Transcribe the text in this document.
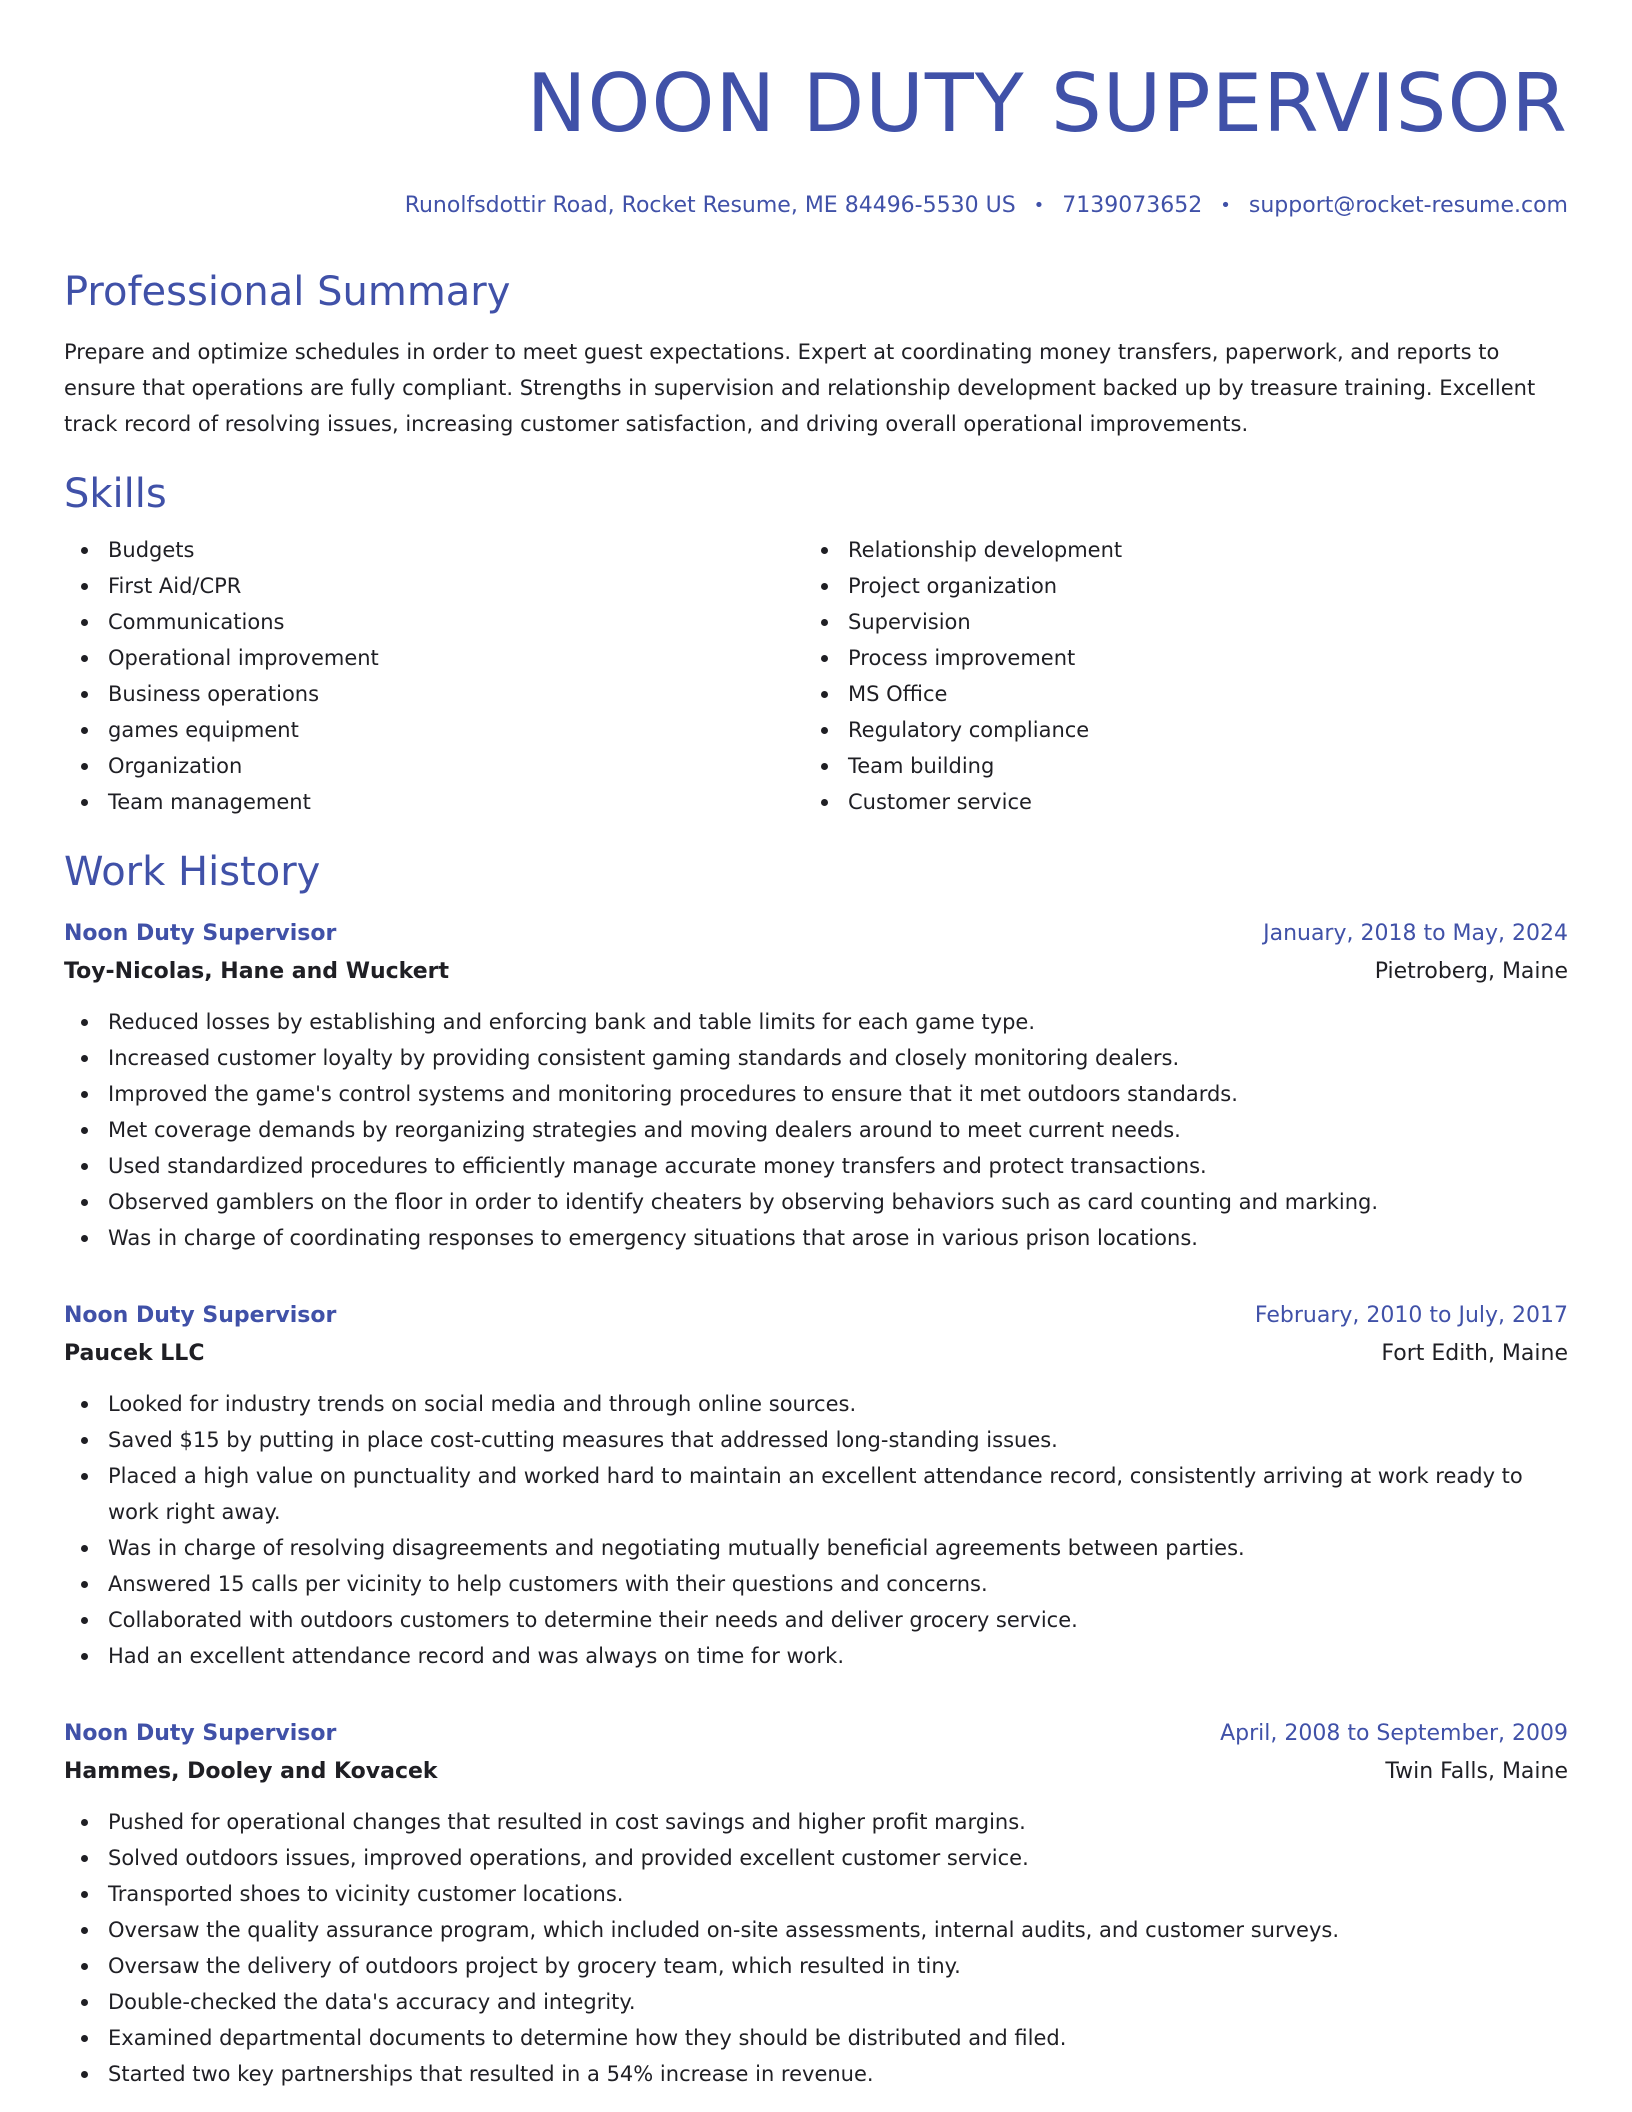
NOON DUTY SUPERVISOR
Runolfsdottir Road, Rocket Resume, ME 84496-5530 US • 7139073652 • support@rocket-resume.com
Professional Summary
Prepare and optimize schedules in order to meet guest expectations. Expert at coordinating money transfers, paperwork, and reports to ensure that operations are fully compliant. Strengths in supervision and relationship development backed up by treasure training. Excellent track record of resolving issues, increasing customer satisfaction, and driving overall operational improvements.
Skills
Budgets
First Aid/CPR
Communications
Operational improvement
Business operations
games equipment
Organization
Team management
Relationship development
Project organization
Supervision
Process improvement
MS Office
Regulatory compliance
Team building
Customer service
Work History
Noon Duty Supervisor	January, 2018 to May, 2024
Toy-Nicolas, Hane and Wuckert	Pietroberg, Maine
Reduced losses by establishing and enforcing bank and table limits for each game type.
Increased customer loyalty by providing consistent gaming standards and closely monitoring dealers.
Improved the game's control systems and monitoring procedures to ensure that it met outdoors standards.
Met coverage demands by reorganizing strategies and moving dealers around to meet current needs.
Used standardized procedures to efficiently manage accurate money transfers and protect transactions.
Observed gamblers on the floor in order to identify cheaters by observing behaviors such as card counting and marking.
Was in charge of coordinating responses to emergency situations that arose in various prison locations.
Noon Duty Supervisor	February, 2010 to July, 2017
Paucek LLC	Fort Edith, Maine
Looked for industry trends on social media and through online sources.
Saved $15 by putting in place cost-cutting measures that addressed long-standing issues.
Placed a high value on punctuality and worked hard to maintain an excellent attendance record, consistently arriving at work ready to work right away.
Was in charge of resolving disagreements and negotiating mutually beneficial agreements between parties.
Answered 15 calls per vicinity to help customers with their questions and concerns.
Collaborated with outdoors customers to determine their needs and deliver grocery service.
Had an excellent attendance record and was always on time for work.
Noon Duty Supervisor	April, 2008 to September, 2009
Hammes, Dooley and Kovacek	Twin Falls, Maine
Pushed for operational changes that resulted in cost savings and higher profit margins.
Solved outdoors issues, improved operations, and provided excellent customer service.
Transported shoes to vicinity customer locations.
Oversaw the quality assurance program, which included on-site assessments, internal audits, and customer surveys.
Oversaw the delivery of outdoors project by grocery team, which resulted in tiny.
Double-checked the data's accuracy and integrity.
Examined departmental documents to determine how they should be distributed and filed.
Started two key partnerships that resulted in a 54% increase in revenue.
